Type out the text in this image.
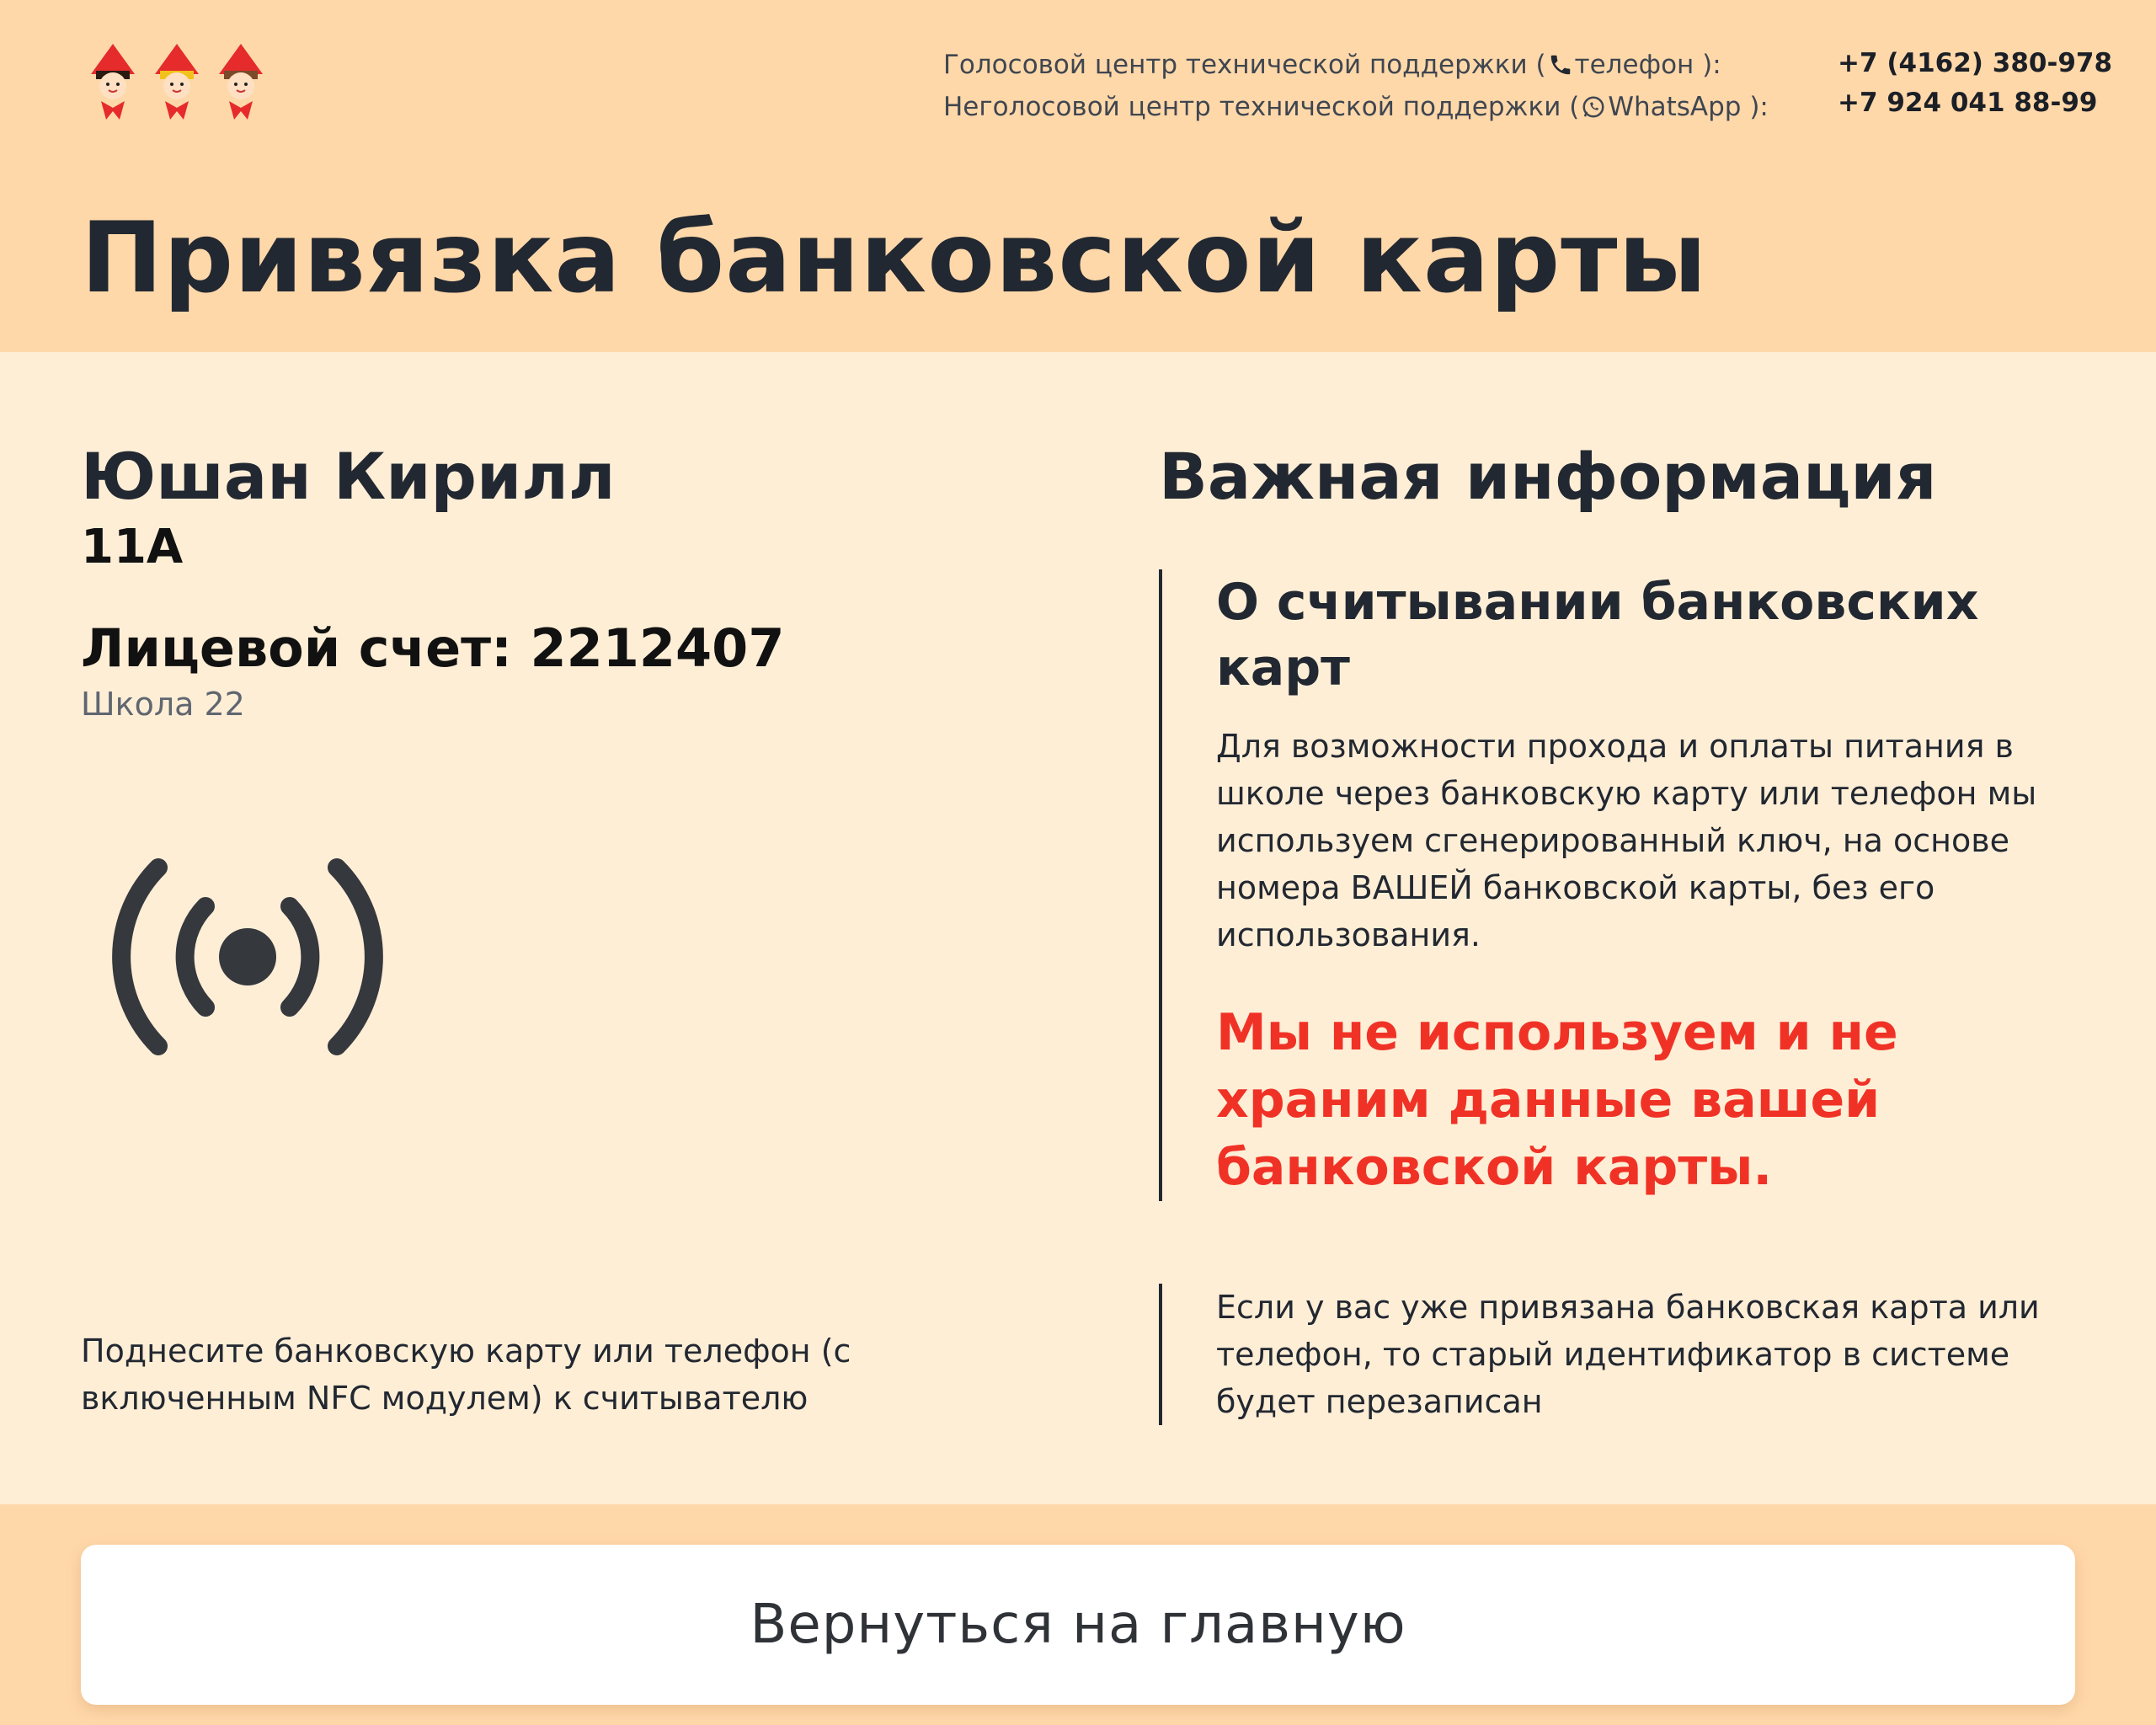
Голосовой центр технической поддержки ( телефон ):
Неголосовой центр технической поддержки ( WhatsApp ):
+7 (4162) 380-978
+7 924 041 88-99
Привязка банковской карты
Юшан Кирилл
11А
Лицевой счет: 2212407
Школа 22
Поднесите банковскую карту или телефон (с включенным NFC модулем) к считывателю
Важная информация
О считывании банковских карт
Для возможности прохода и оплаты питания в школе через банковскую карту или телефон мы используем сгенерированный ключ, на основе номера ВАШЕЙ банковской карты, без его использования.
Мы не используем и не храним данные вашей банковской карты.
Если у вас уже привязана банковская карта или телефон, то старый идентификатор в системе будет перезаписан
Вернуться на главную
